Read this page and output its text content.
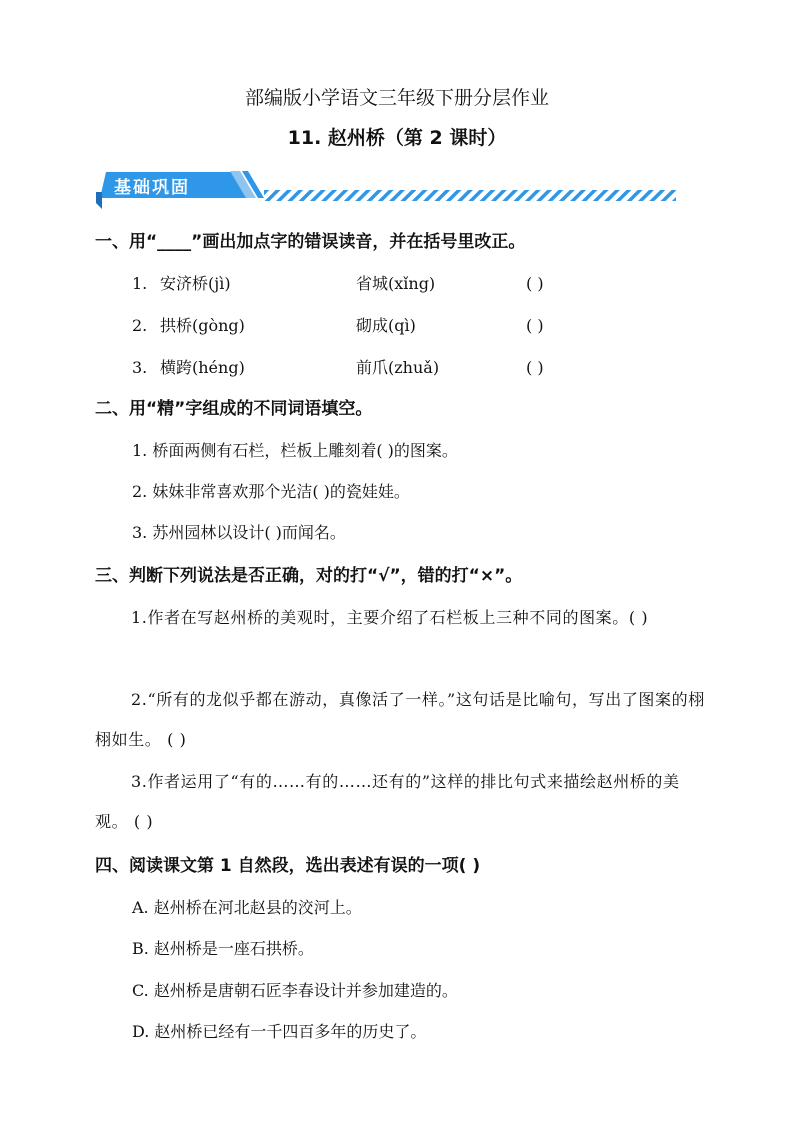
部编版小学语文三年级下册分层作业
11. 赵州桥（第 2 课时）
基础巩固
一、用“____”画出加点字的错误读音，并在括号里改正。
1. 安济桥(jì)	省城(xǐng)	( )
2. 拱桥(gòng)	砌成(qì)	( )
3. 横跨(héng)	前爪(zhuǎ)	( )
二、用“精”字组成的不同词语填空。
1. 桥面两侧有石栏，栏板上雕刻着( )的图案。
2. 妹妹非常喜欢那个光洁( )的瓷娃娃。
3. 苏州园林以设计( )而闻名。
三、判断下列说法是否正确，对的打“√”，错的打“×”。
1.作者在写赵州桥的美观时，主要介绍了石栏板上三种不同的图案。( )
2.“所有的龙似乎都在游动，真像活了一样。”这句话是比喻句，写出了图案的栩栩如生。 ( )
3.作者运用了“有的……有的……还有的”这样的排比句式来描绘赵州桥的美观。 ( )
四、阅读课文第 1 自然段，选出表述有误的一项( )
A. 赵州桥在河北赵县的洨河上。
B. 赵州桥是一座石拱桥。
C. 赵州桥是唐朝石匠李春设计并参加建造的。
D. 赵州桥已经有一千四百多年的历史了。
